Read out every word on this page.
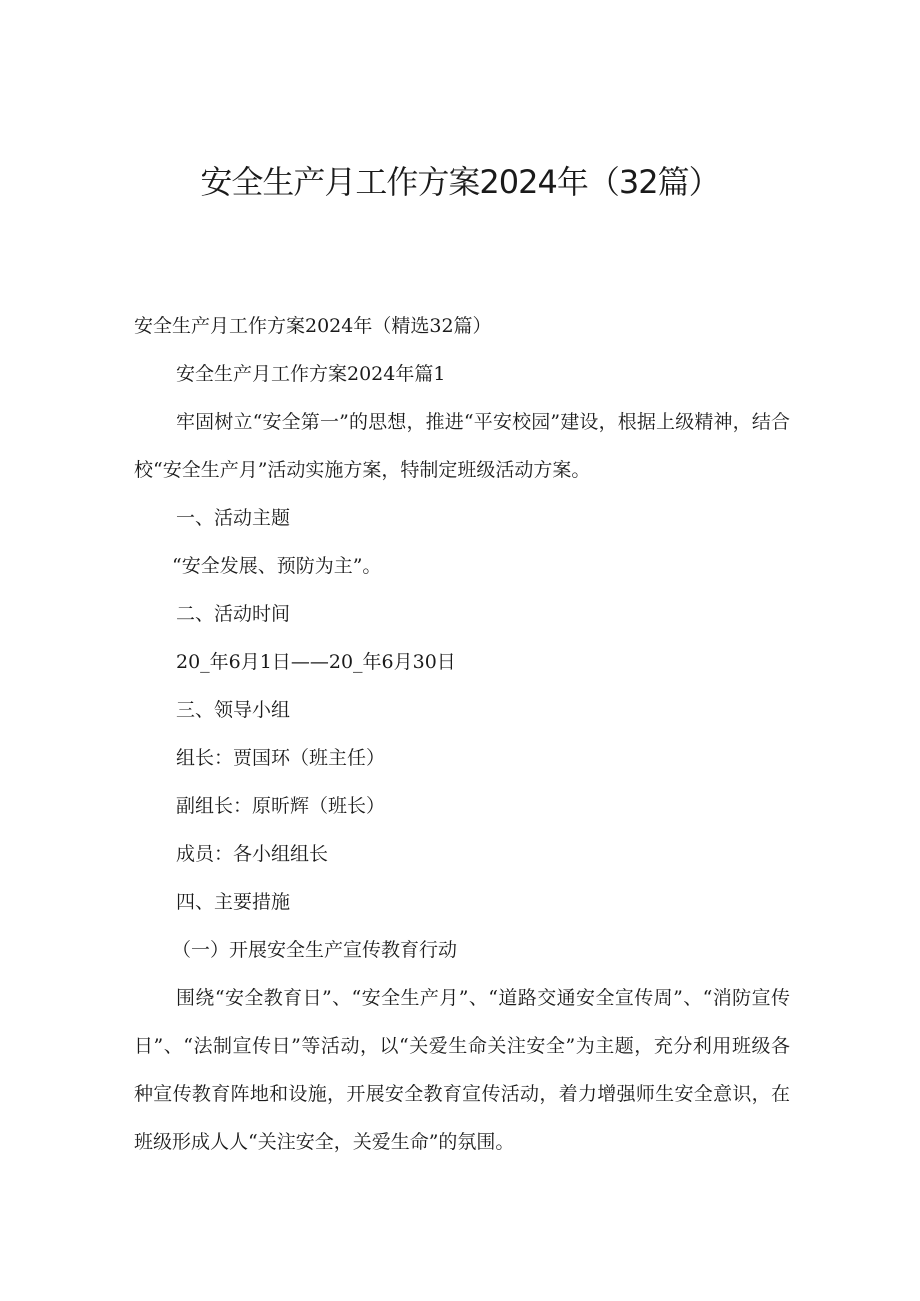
安全生产月工作方案2024年（32篇）

安全生产月工作方案2024年（精选32篇）

安全生产月工作方案2024年篇1

牢固树立“安全第一”的思想，推进“平安校园”建设，根据上级精神，结合校“安全生产月”活动实施方案，特制定班级活动方案。

一、活动主题

“安全发展、预防为主”。

二、活动时间

20_年6月1日——20_年6月30日

三、领导小组

组长：贾国环（班主任）

副组长：原昕辉（班长）

成员：各小组组长

四、主要措施

（一）开展安全生产宣传教育行动

围绕“安全教育日”、“安全生产月”、“道路交通安全宣传周”、“消防宣传日”、“法制宣传日”等活动，以“关爱生命关注安全”为主题，充分利用班级各种宣传教育阵地和设施，开展安全教育宣传活动，着力增强师生安全意识，在班级形成人人“关注安全，关爱生命”的氛围。
